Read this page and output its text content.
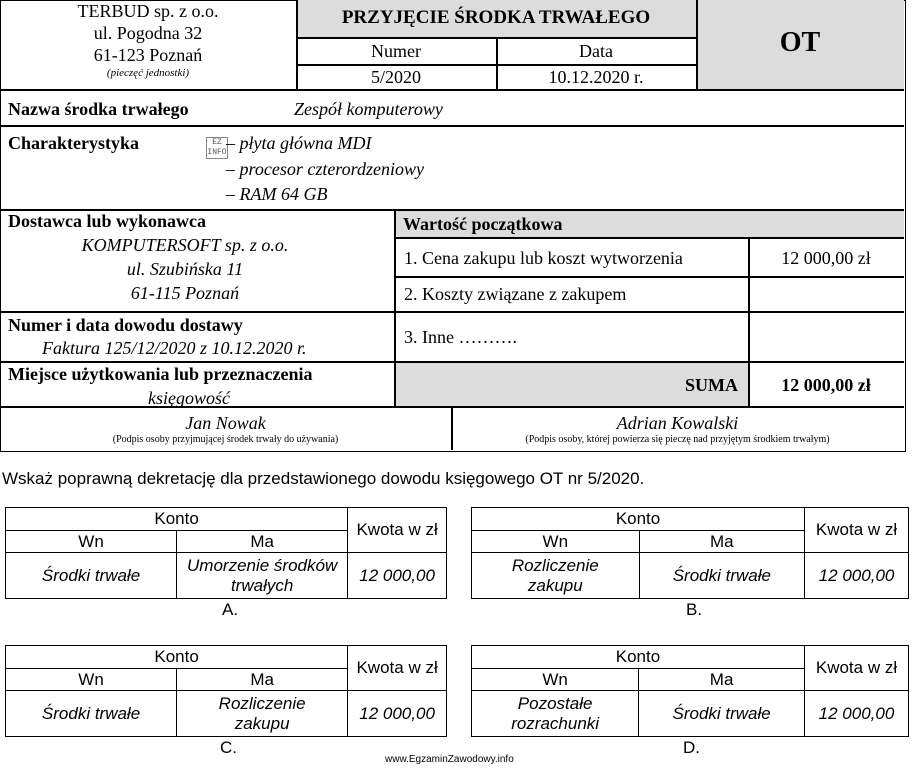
TERBUD sp. z o.o.
ul. Pogodna 32
61-123 Poznań
(pieczęć jednostki)
PRZYJĘCIE ŚRODKA TRWAŁEGO
Numer	Data
5/2020	10.12.2020 r.
OT
Nazwa środka trwałego	Zespół komputerowy
Charakterystyka	EZ INFO – płyta główna MDI
– procesor czterordzeniowy
– RAM 64 GB
Dostawca lub wykonawca
KOMPUTERSOFT sp. z o.o.
ul. Szubińska 11
61-115 Poznań
Wartość początkowa
1. Cena zakupu lub koszt wytworzenia	12 000,00 zł
2. Koszty związane z zakupem
3. Inne ……….
SUMA	12 000,00 zł
Numer i data dowodu dostawy
Faktura 125/12/2020 z 10.12.2020 r.
Miejsce użytkowania lub przeznaczenia
księgowość
Jan Nowak
(Podpis osoby przyjmującej środek trwały do używania)
Adrian Kowalski
(Podpis osoby, której powierza się pieczę nad przyjętym środkiem trwałym)
Wskaż poprawną dekretację dla przedstawionego dowodu księgowego OT nr 5/2020.
Konto		Kwota w zł
Wn	Ma	
Środki trwałe	Umorzenie środków trwałych	12 000,00
A.
Konto		Kwota w zł
Wn	Ma	
Rozliczenie zakupu	Środki trwałe	12 000,00
B.
Konto		Kwota w zł
Wn	Ma	
Środki trwałe	Rozliczenie zakupu	12 000,00
C.
Konto		Kwota w zł
Wn	Ma	
Pozostałe rozrachunki	Środki trwałe	12 000,00
D.
www.EgzaminZawodowy.info
